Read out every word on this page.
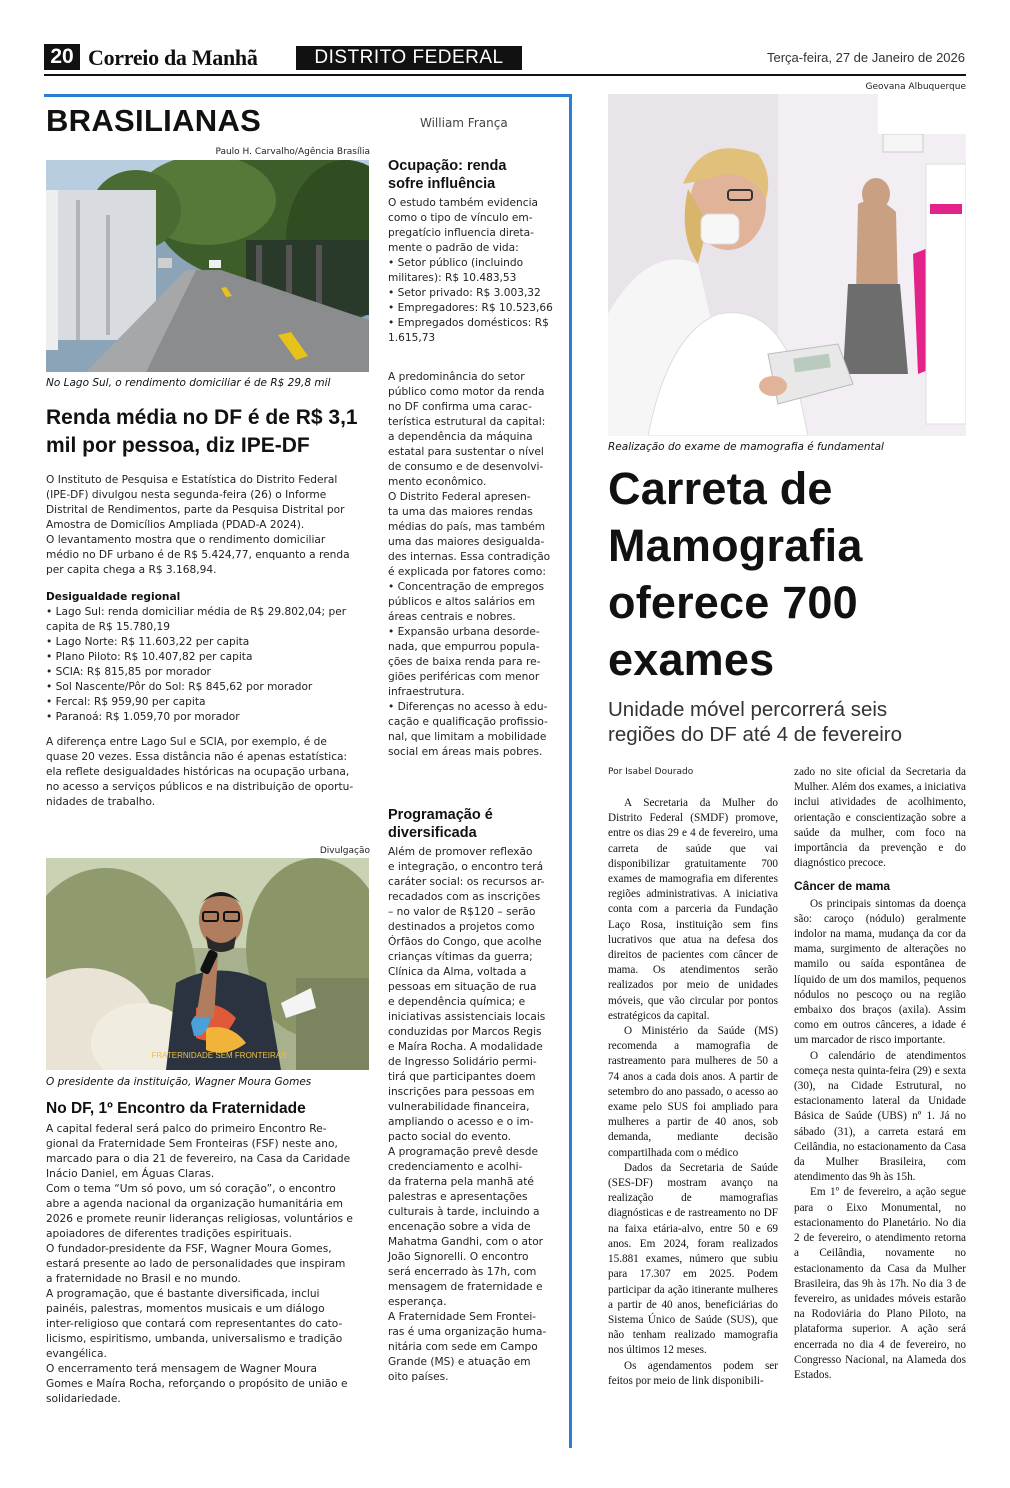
20 Correio da Manhã	DISTRITO FEDERAL	Terça-feira, 27 de Janeiro de 2026
BRASILIANAS	William França
Paulo H. Carvalho/Agência Brasília
No Lago Sul, o rendimento domiciliar é de R$ 29,8 mil
Renda média no DF é de R$ 3,1
mil por pessoa, diz IPE-DF

O Instituto de Pesquisa e Estatística do Distrito Federal

(IPE-DF) divulgou nesta segunda-feira (26) o Informe

Distrital de Rendimentos, parte da Pesquisa Distrital por

Amostra de Domicílios Ampliada (PDAD-A 2024).

O levantamento mostra que o rendimento domiciliar

médio no DF urbano é de R$ 5.424,77, enquanto a renda

per capita chega a R$ 3.168,94.

Desigualdade regional

• Lago Sul: renda domiciliar média de R$ 29.802,04; per

capita de R$ 15.780,19

• Lago Norte: R$ 11.603,22 per capita

• Plano Piloto: R$ 10.407,82 per capita

• SCIA: R$ 815,85 por morador

• Sol Nascente/Pôr do Sol: R$ 845,62 por morador

• Fercal: R$ 959,90 per capita

• Paranoá: R$ 1.059,70 por morador

A diferença entre Lago Sul e SCIA, por exemplo, é de

quase 20 vezes. Essa distância não é apenas estatística:

ela reflete desigualdades históricas na ocupação urbana,

no acesso a serviços públicos e na distribuição de oportu-

nidades de trabalho.

Divulgação
FRATERNIDADE SEM FRONTEIRAS
O presidente da instituição, Wagner Moura Gomes
No DF, 1º Encontro da Fraternidade

A capital federal será palco do primeiro Encontro Re-

gional da Fraternidade Sem Fronteiras (FSF) neste ano,

marcado para o dia 21 de fevereiro, na Casa da Caridade

Inácio Daniel, em Águas Claras.

Com o tema “Um só povo, um só coração”, o encontro

abre a agenda nacional da organização humanitária em

2026 e promete reunir lideranças religiosas, voluntários e

apoiadores de diferentes tradições espirituais.

O fundador-presidente da FSF, Wagner Moura Gomes,

estará presente ao lado de personalidades que inspiram

a fraternidade no Brasil e no mundo.

A programação, que é bastante diversificada, inclui

painéis, palestras, momentos musicais e um diálogo

inter-religioso que contará com representantes do cato-

licismo, espiritismo, umbanda, universalismo e tradição

evangélica.

O encerramento terá mensagem de Wagner Moura

Gomes e Maíra Rocha, reforçando o propósito de união e

solidariedade.

Ocupação: renda
sofre influência

O estudo também evidencia

como o tipo de vínculo em-

pregatício influencia direta-

mente o padrão de vida:

• Setor público (incluindo

militares): R$ 10.483,53

• Setor privado: R$ 3.003,32

• Empregadores: R$ 10.523,66

• Empregados domésticos: R$

1.615,73

A predominância do setor

público como motor da renda

no DF confirma uma carac-

terística estrutural da capital:

a dependência da máquina

estatal para sustentar o nível

de consumo e de desenvolvi-

mento econômico.

O Distrito Federal apresen-

ta uma das maiores rendas

médias do país, mas também

uma das maiores desigualda-

des internas. Essa contradição

é explicada por fatores como:

• Concentração de empregos

públicos e altos salários em

áreas centrais e nobres.

• Expansão urbana desorde-

nada, que empurrou popula-

ções de baixa renda para re-

giões periféricas com menor

infraestrutura.

• Diferenças no acesso à edu-

cação e qualificação profissio-

nal, que limitam a mobilidade

social em áreas mais pobres.

Programação é
diversificada

Além de promover reflexão

e integração, o encontro terá

caráter social: os recursos ar-

recadados com as inscrições

– no valor de R$120 – serão

destinados a projetos como

Órfãos do Congo, que acolhe

crianças vítimas da guerra;

Clínica da Alma, voltada a

pessoas em situação de rua

e dependência química; e

iniciativas assistenciais locais

conduzidas por Marcos Regis

e Maíra Rocha. A modalidade

de Ingresso Solidário permi-

tirá que participantes doem

inscrições para pessoas em

vulnerabilidade financeira,

ampliando o acesso e o im-

pacto social do evento.

A programação prevê desde

credenciamento e acolhi-

da fraterna pela manhã até

palestras e apresentações

culturais à tarde, incluindo a

encenação sobre a vida de

Mahatma Gandhi, com o ator

João Signorelli. O encontro

será encerrado às 17h, com

mensagem de fraternidade e

esperança.

A Fraternidade Sem Frontei-

ras é uma organização huma-

nitária com sede em Campo

Grande (MS) e atuação em

oito países.

Geovana Albuquerque
Realização do exame de mamografia é fundamental
Carreta de
Mamografia
oferece 700
exames
Unidade móvel percorrerá seis
regiões do DF até 4 de fevereiro
Por Isabel Dourado

A Secretaria da Mulher do Distrito Federal (SMDF) promove, entre os dias 29 e 4 de fevereiro, uma carreta de saúde que vai disponibilizar gratuitamente 700 exames de mamografia em diferentes regiões administrativas. A iniciativa conta com a parceria da Fundação Laço Rosa, instituição sem fins lucrativos que atua na defesa dos direitos de pacientes com câncer de mama. Os atendimentos serão realizados por meio de unidades móveis, que vão circular por pontos estratégicos da capital.

O Ministério da Saúde (MS) recomenda a mamografia de rastreamento para mulheres de 50 a 74 anos a cada dois anos. A partir de setembro do ano passado, o acesso ao exame pelo SUS foi ampliado para mulheres a partir de 40 anos, sob demanda, mediante decisão compartilhada com o médico

Dados da Secretaria de Saúde (SES-DF) mostram avanço na realização de mamografias diagnósticas e de rastreamento no DF na faixa etária-alvo, entre 50 e 69 anos. Em 2024, foram realizados 15.881 exames, número que subiu para 17.307 em 2025. Podem participar da ação itinerante mulheres a partir de 40 anos, beneficiárias do Sistema Único de Saúde (SUS), que não tenham realizado mamografia nos últimos 12 meses.

Os agendamentos podem ser feitos por meio de link disponibili-

zado no site oficial da Secretaria da Mulher. Além dos exames, a iniciativa inclui atividades de acolhimento, orientação e conscientização sobre a saúde da mulher, com foco na importância da prevenção e do diagnóstico precoce.

Câncer de mama

Os principais sintomas da doença são: caroço (nódulo) geralmente indolor na mama, mudança da cor da mama, surgimento de alterações no mamilo ou saída espontânea de líquido de um dos mamilos, pequenos nódulos no pescoço ou na região embaixo dos braços (axila). Assim como em outros cânceres, a idade é um marcador de risco importante.

O calendário de atendimentos começa nesta quinta-feira (29) e sexta (30), na Cidade Estrutural, no estacionamento lateral da Unidade Básica de Saúde (UBS) nº 1. Já no sábado (31), a carreta estará em Ceilândia, no estacionamento da Casa da Mulher Brasileira, com atendimento das 9h às 15h.

Em 1º de fevereiro, a ação segue para o Eixo Monumental, no estacionamento do Planetário. No dia 2 de fevereiro, o atendimento retorna a Ceilândia, novamente no estacionamento da Casa da Mulher Brasileira, das 9h às 17h. No dia 3 de fevereiro, as unidades móveis estarão na Rodoviária do Plano Piloto, na plataforma superior. A ação será encerrada no dia 4 de fevereiro, no Congresso Nacional, na Alameda dos Estados.
